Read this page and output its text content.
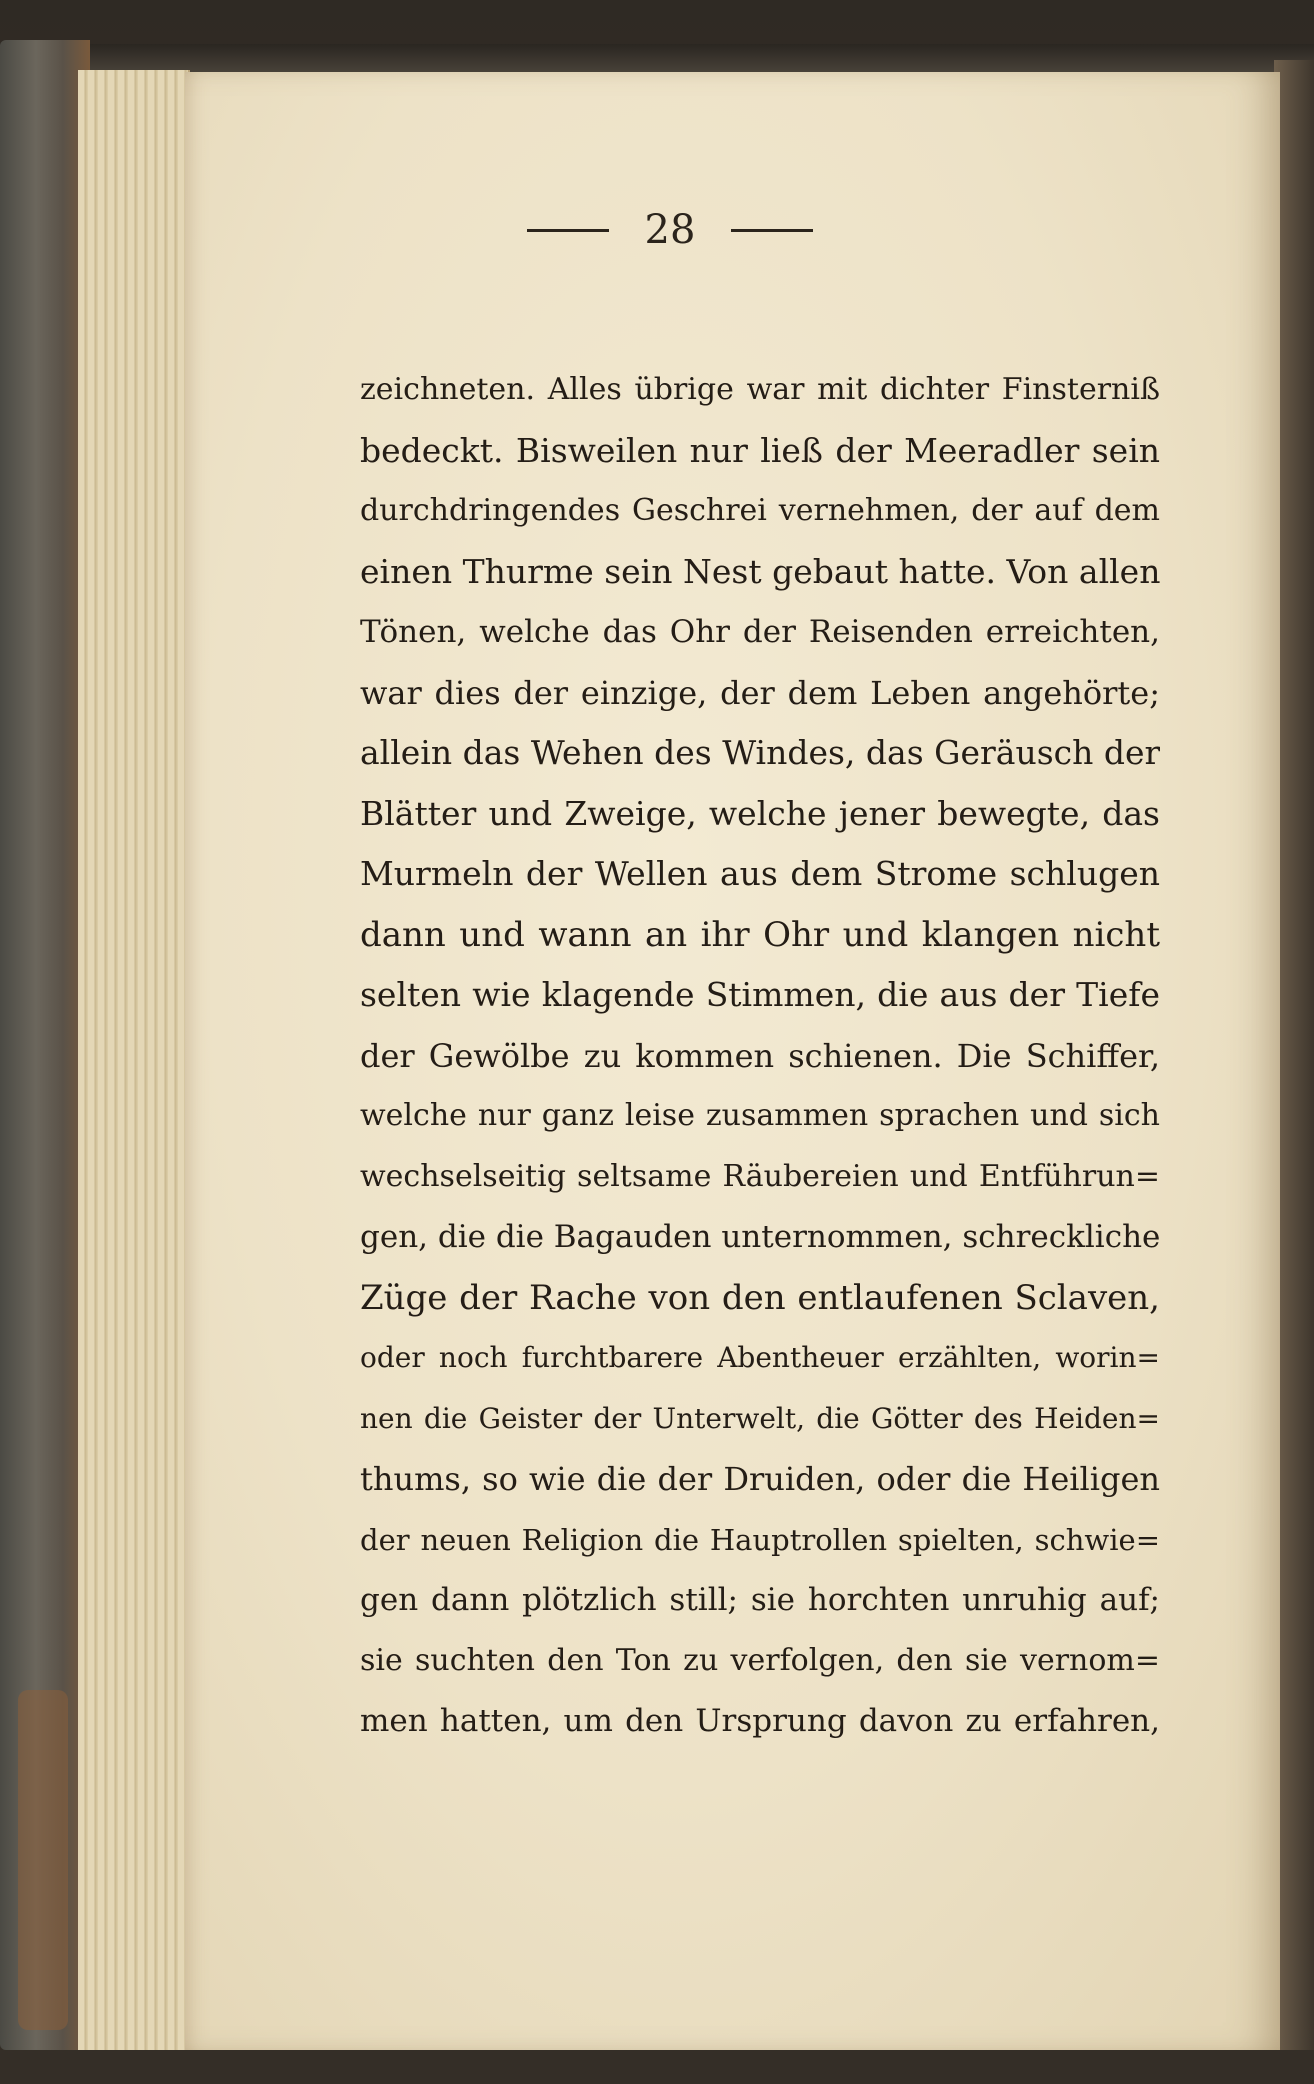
28
zeichneten. Alles übrige war mit dichter Finsterniß
bedeckt. Bisweilen nur ließ der Meeradler sein
durchdringendes Geschrei vernehmen, der auf dem
einen Thurme sein Nest gebaut hatte. Von allen
Tönen, welche das Ohr der Reisenden erreichten,
war dies der einzige, der dem Leben angehörte;
allein das Wehen des Windes, das Geräusch der
Blätter und Zweige, welche jener bewegte, das
Murmeln der Wellen aus dem Strome schlugen
dann und wann an ihr Ohr und klangen nicht
selten wie klagende Stimmen, die aus der Tiefe
der Gewölbe zu kommen schienen. Die Schiffer,
welche nur ganz leise zusammen sprachen und sich
wechselseitig seltsame Räubereien und Entführun=
gen, die die Bagauden unternommen, schreckliche
Züge der Rache von den entlaufenen Sclaven,
oder noch furchtbarere Abentheuer erzählten, worin=
nen die Geister der Unterwelt, die Götter des Heiden=
thums, so wie die der Druiden, oder die Heiligen
der neuen Religion die Hauptrollen spielten, schwie=
gen dann plötzlich still; sie horchten unruhig auf;
sie suchten den Ton zu verfolgen, den sie vernom=
men hatten, um den Ursprung davon zu erfahren,
